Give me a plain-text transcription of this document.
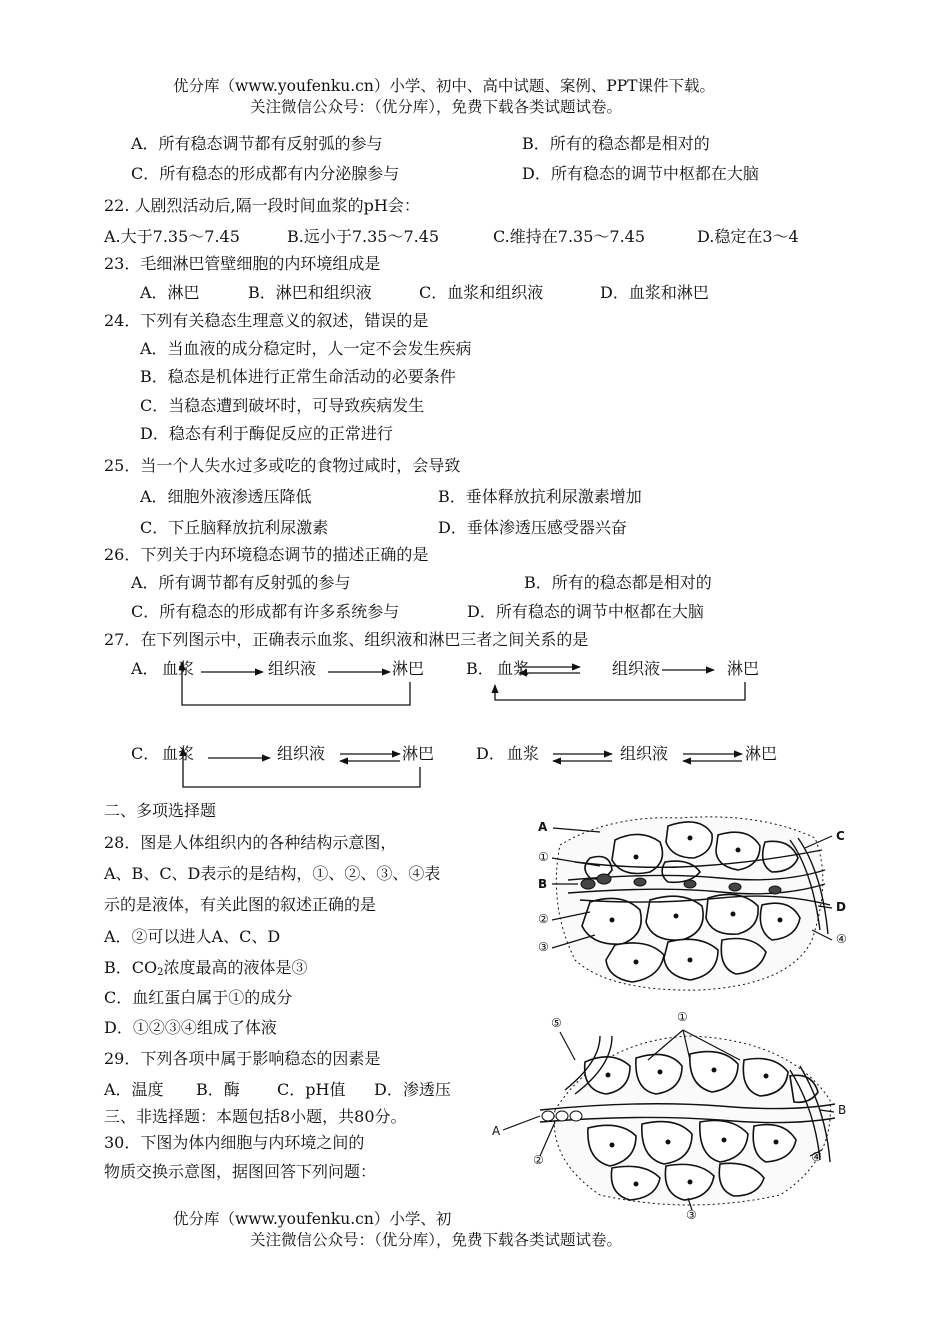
优分库（www.youfenku.cn）小学、初中、高中试题、案例、PPT课件下载。
关注微信公众号：（优分库），免费下载各类试题试卷。
A．所有稳态调节都有反射弧的参与	B．所有的稳态都是相对的
C．所有稳态的形成都有内分泌腺参与	D．所有稳态的调节中枢都在大脑
22. 人剧烈活动后,隔一段时间血浆的pH会：
A.大于7.35～7.45	B.远小于7.35～7.45	C.维持在7.35～7.45	D.稳定在3～4
23．毛细淋巴管壁细胞的内环境组成是
A．淋巴	B．淋巴和组织液	C．血浆和组织液	D．血浆和淋巴
24．下列有关稳态生理意义的叙述，错误的是
A．当血液的成分稳定时，人一定不会发生疾病
B．稳态是机体进行正常生命活动的必要条件
C．当稳态遭到破坏时，可导致疾病发生
D．稳态有利于酶促反应的正常进行
25．当一个人失水过多或吃的食物过咸时，会导致
A．细胞外液渗透压降低	B．垂体释放抗利尿激素增加
C．下丘脑释放抗利尿激素	D．垂体渗透压感受器兴奋
26．下列关于内环境稳态调节的描述正确的是
A．所有调节都有反射弧的参与	B．所有的稳态都是相对的
C．所有稳态的形成都有许多系统参与	D．所有稳态的调节中枢都在大脑
27．在下列图示中，正确表示血浆、组织液和淋巴三者之间关系的是
A． 血浆	组织液	淋巴	B． 血浆	组织液	淋巴
C． 血浆	组织液	淋巴	D． 血浆	组织液	淋巴
二、多项选择题
28．图是人体组织内的各种结构示意图，
A、B、C、D表示的是结构，①、②、③、④表
示的是液体，有关此图的叙述正确的是
A．②可以进人A、C、D
B．$CO_2$浓度最高的液体是③
C．血红蛋白属于①的成分
D．①②③④组成了体液
29．下列各项中属于影响稳态的因素是
A．温度 B．酶 C．pH值 D．渗透压
三、非选择题：本题包括8小题，共80分。
30．下图为体内细胞与内环境之间的
物质交换示意图，据图回答下列问题：
A
①
B
②
③
C
D
④
⑤	①
B
A
②	④
③
优分库（www.youfenku.cn）小学、初
关注微信公众号：（优分库），免费下载各类试题试卷。
